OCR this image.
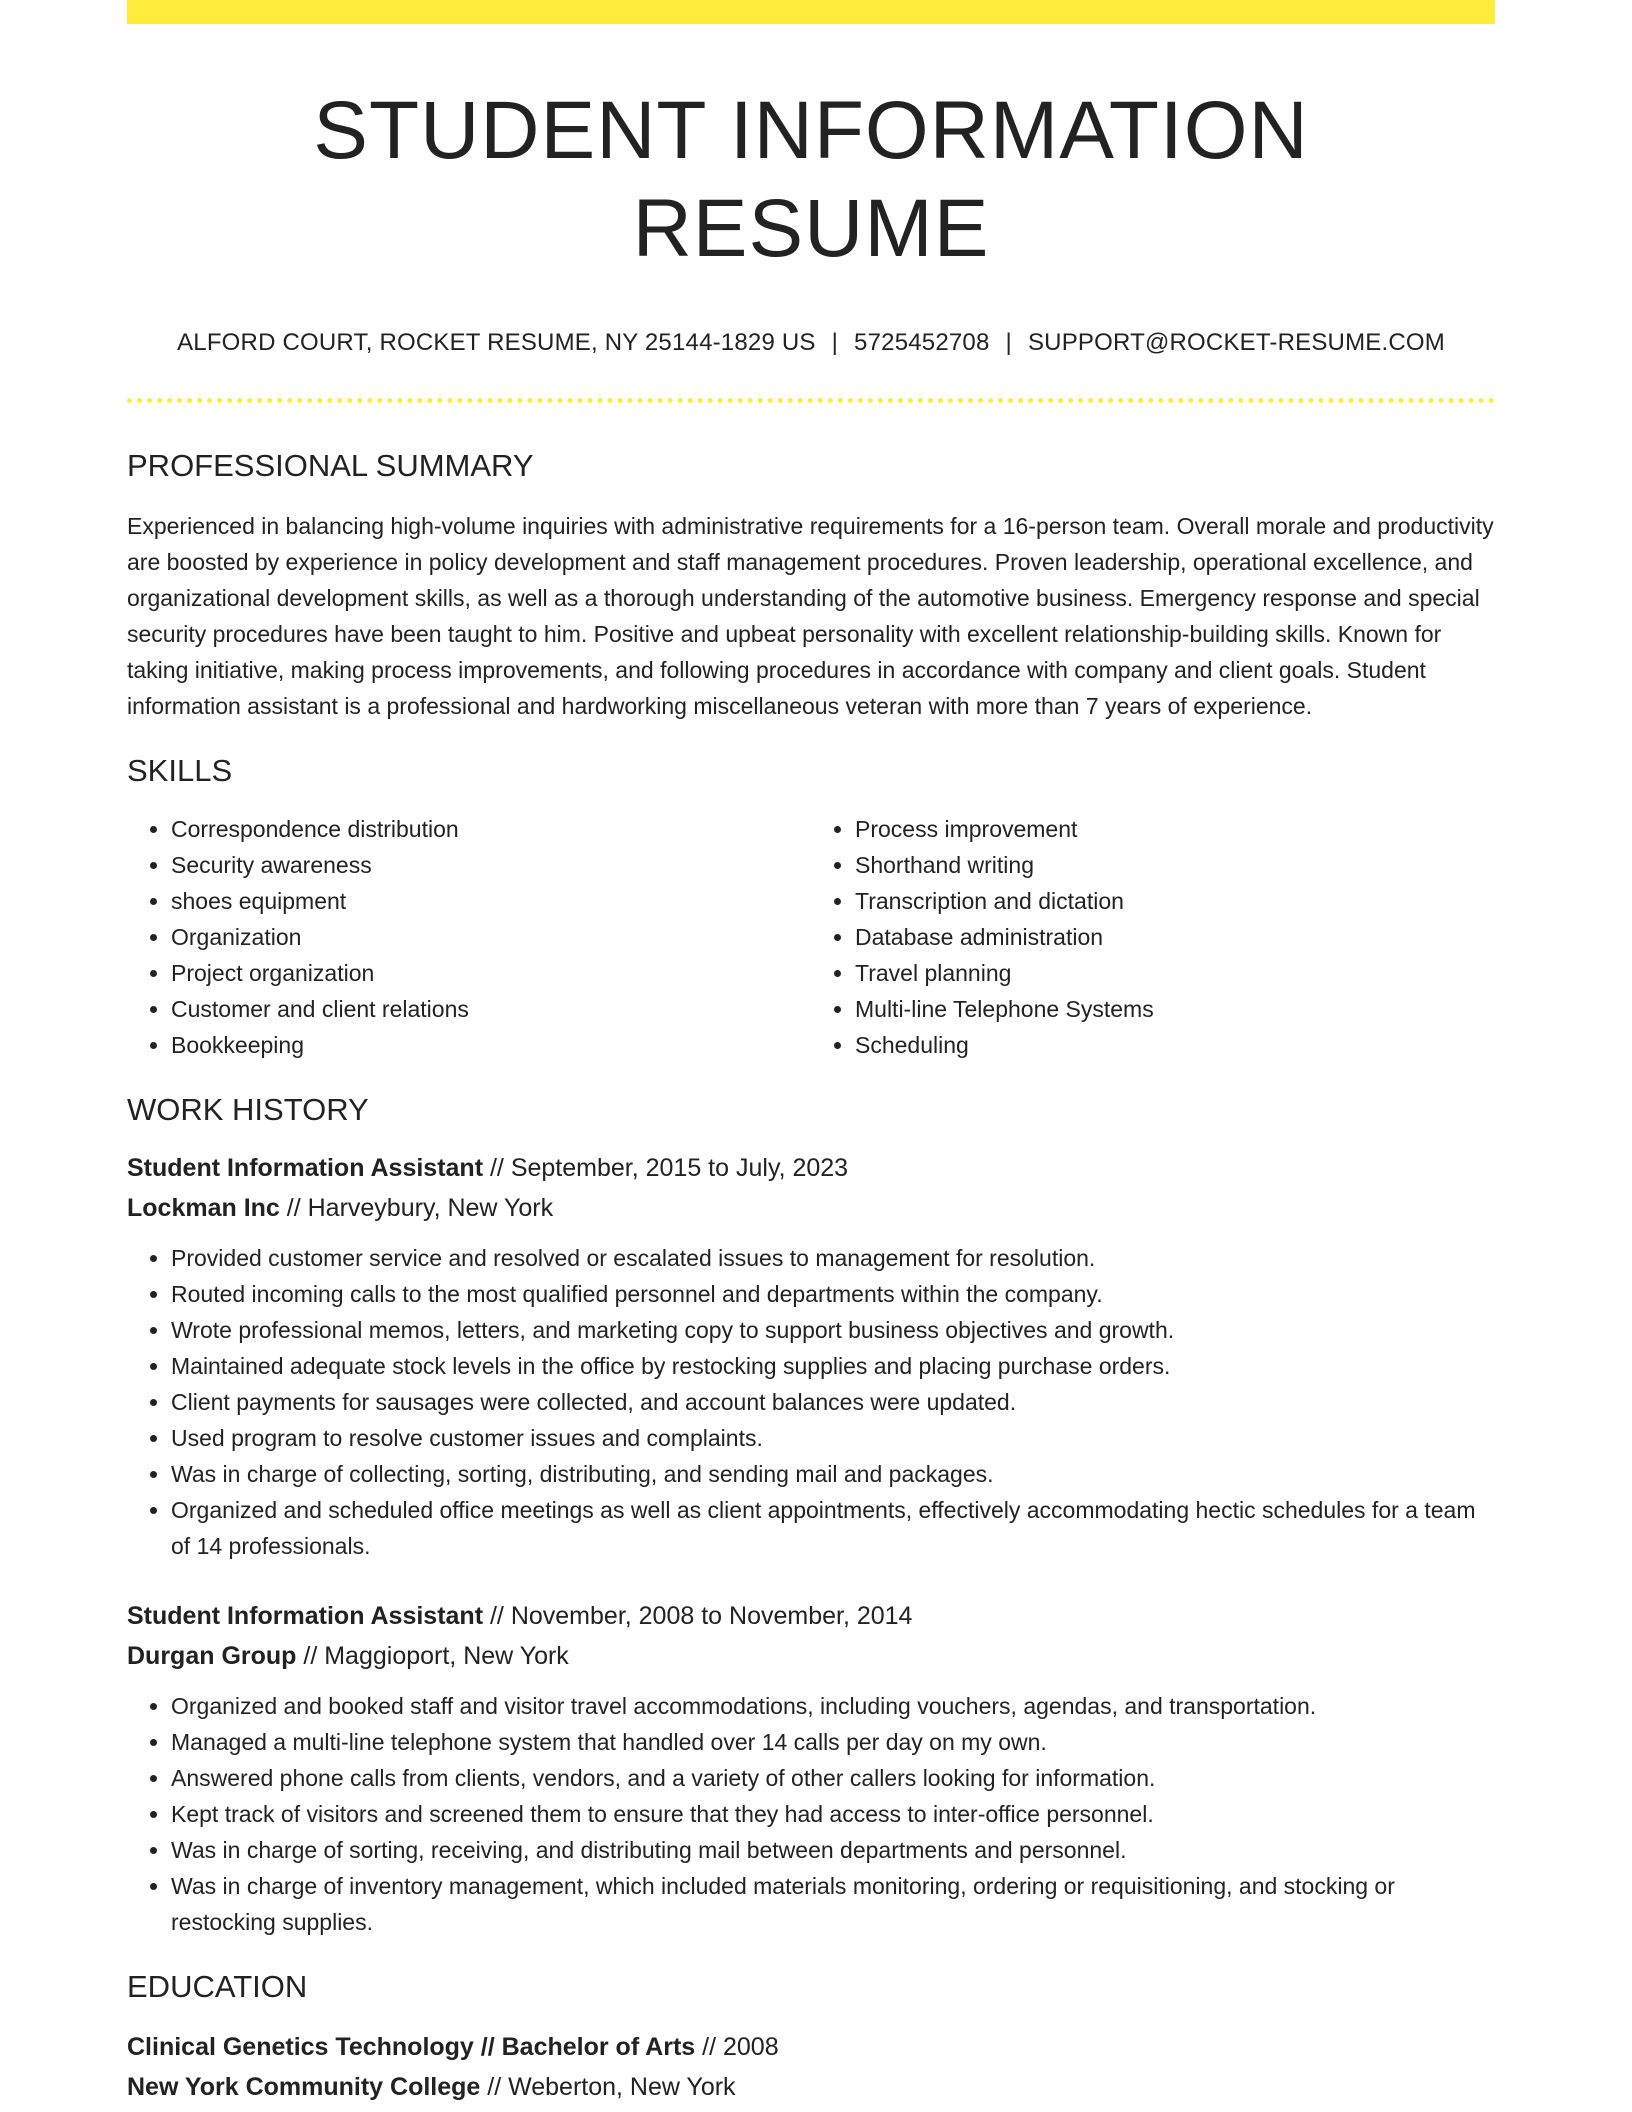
STUDENT INFORMATION RESUME
ALFORD COURT, ROCKET RESUME, NY 25144-1829 US | 5725452708 | SUPPORT@ROCKET-RESUME.COM
PROFESSIONAL SUMMARY

Experienced in balancing high-volume inquiries with administrative requirements for a 16-person team. Overall morale and productivity are boosted by experience in policy development and staff management procedures. Proven leadership, operational excellence, and organizational development skills, as well as a thorough understanding of the automotive business. Emergency response and special security procedures have been taught to him. Positive and upbeat personality with excellent relationship-building skills. Known for taking initiative, making process improvements, and following procedures in accordance with company and client goals. Student information assistant is a professional and hardworking miscellaneous veteran with more than 7 years of experience.

SKILLS
• Correspondence distribution
• Security awareness
• shoes equipment
• Organization
• Project organization
• Customer and client relations
• Bookkeeping
• Process improvement
• Shorthand writing
• Transcription and dictation
• Database administration
• Travel planning
• Multi-line Telephone Systems
• Scheduling
WORK HISTORY
Student Information Assistant // September, 2015 to July, 2023
Lockman Inc // Harveybury, New York
• Provided customer service and resolved or escalated issues to management for resolution.
• Routed incoming calls to the most qualified personnel and departments within the company.
• Wrote professional memos, letters, and marketing copy to support business objectives and growth.
• Maintained adequate stock levels in the office by restocking supplies and placing purchase orders.
• Client payments for sausages were collected, and account balances were updated.
• Used program to resolve customer issues and complaints.
• Was in charge of collecting, sorting, distributing, and sending mail and packages.
• Organized and scheduled office meetings as well as client appointments, effectively accommodating hectic schedules for a team of 14 professionals.
Student Information Assistant // November, 2008 to November, 2014
Durgan Group // Maggioport, New York
• Organized and booked staff and visitor travel accommodations, including vouchers, agendas, and transportation.
• Managed a multi-line telephone system that handled over 14 calls per day on my own.
• Answered phone calls from clients, vendors, and a variety of other callers looking for information.
• Kept track of visitors and screened them to ensure that they had access to inter-office personnel.
• Was in charge of sorting, receiving, and distributing mail between departments and personnel.
• Was in charge of inventory management, which included materials monitoring, ordering or requisitioning, and stocking or restocking supplies.
EDUCATION
Clinical Genetics Technology // Bachelor of Arts // 2008
New York Community College // Weberton, New York
